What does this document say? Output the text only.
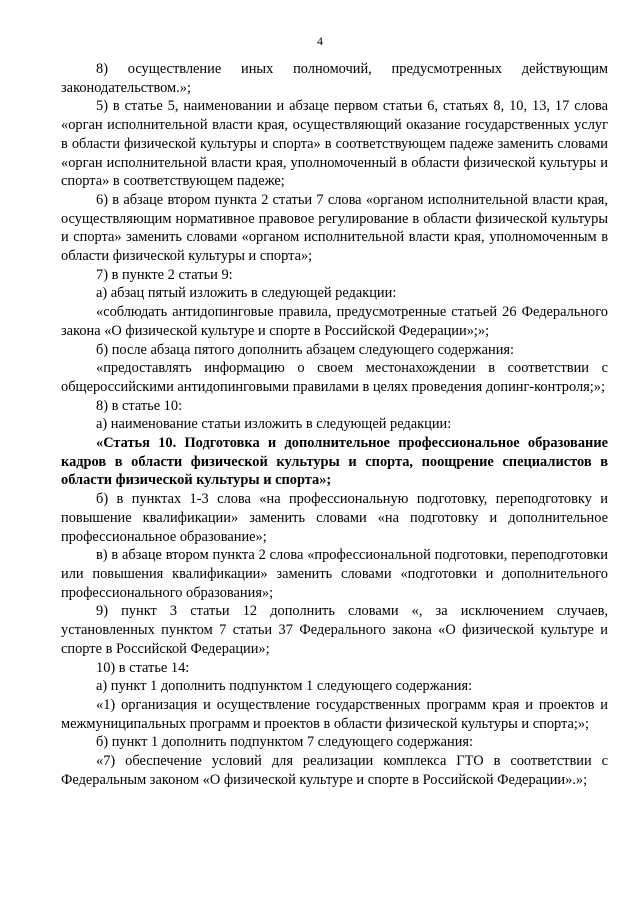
4

8) осуществление иных полномочий, предусмотренных действующим законодательством.»;

5) в статье 5, наименовании и абзаце первом статьи 6, статьях 8, 10, 13, 17 слова «орган исполнительной власти края, осуществляющий оказание государственных услуг в области физической культуры и спорта» в соответствующем падеже заменить словами «орган исполнительной власти края, уполномоченный в области физической культуры и спорта» в соответствующем падеже;

6) в абзаце втором пункта 2 статьи 7 слова «органом исполнительной власти края, осуществляющим нормативное правовое регулирование в области физической культуры и спорта» заменить словами «органом исполнительной власти края, уполномоченным в области физической культуры и спорта»;

7) в пункте 2 статьи 9:

а) абзац пятый изложить в следующей редакции:

«соблюдать антидопинговые правила, предусмотренные статьей 26 Федерального закона «О физической культуре и спорте в Российской Федерации»;»;

б) после абзаца пятого дополнить абзацем следующего содержания:

«предоставлять информацию о своем местонахождении в соответствии с общероссийскими антидопинговыми правилами в целях проведения допинг-контроля;»;

8) в статье 10:

а) наименование статьи изложить в следующей редакции:

«Статья 10. Подготовка и дополнительное профессиональное образование кадров в области физической культуры и спорта, поощрение специалистов в области физической культуры и спорта»;

б) в пунктах 1-3 слова «на профессиональную подготовку, переподготовку и повышение квалификации» заменить словами «на подготовку и дополнительное профессиональное образование»;

в) в абзаце втором пункта 2 слова «профессиональной подготовки, переподготовки или повышения квалификации» заменить словами «подготовки и дополнительного профессионального образования»;

9) пункт 3 статьи 12 дополнить словами «, за исключением случаев, установленных пунктом 7 статьи 37 Федерального закона «О физической культуре и спорте в Российской Федерации»;

10) в статье 14:

а) пункт 1 дополнить подпунктом 1 следующего содержания:

«1) организация и осуществление государственных программ края и проектов и межмуниципальных программ и проектов в области физической культуры и спорта;»;

б) пункт 1 дополнить подпунктом 7 следующего содержания:

«7) обеспечение условий для реализации комплекса ГТО в соответствии с Федеральным законом «О физической культуре и спорте в Российской Федерации».»;
